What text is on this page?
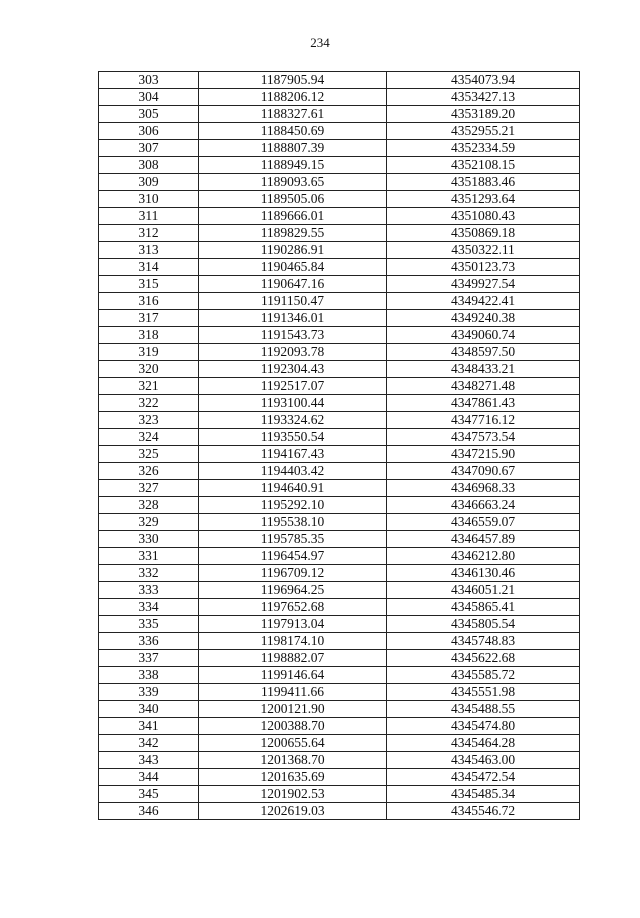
234
303	1187905.94	4354073.94
304	1188206.12	4353427.13
305	1188327.61	4353189.20
306	1188450.69	4352955.21
307	1188807.39	4352334.59
308	1188949.15	4352108.15
309	1189093.65	4351883.46
310	1189505.06	4351293.64
311	1189666.01	4351080.43
312	1189829.55	4350869.18
313	1190286.91	4350322.11
314	1190465.84	4350123.73
315	1190647.16	4349927.54
316	1191150.47	4349422.41
317	1191346.01	4349240.38
318	1191543.73	4349060.74
319	1192093.78	4348597.50
320	1192304.43	4348433.21
321	1192517.07	4348271.48
322	1193100.44	4347861.43
323	1193324.62	4347716.12
324	1193550.54	4347573.54
325	1194167.43	4347215.90
326	1194403.42	4347090.67
327	1194640.91	4346968.33
328	1195292.10	4346663.24
329	1195538.10	4346559.07
330	1195785.35	4346457.89
331	1196454.97	4346212.80
332	1196709.12	4346130.46
333	1196964.25	4346051.21
334	1197652.68	4345865.41
335	1197913.04	4345805.54
336	1198174.10	4345748.83
337	1198882.07	4345622.68
338	1199146.64	4345585.72
339	1199411.66	4345551.98
340	1200121.90	4345488.55
341	1200388.70	4345474.80
342	1200655.64	4345464.28
343	1201368.70	4345463.00
344	1201635.69	4345472.54
345	1201902.53	4345485.34
346	1202619.03	4345546.72
